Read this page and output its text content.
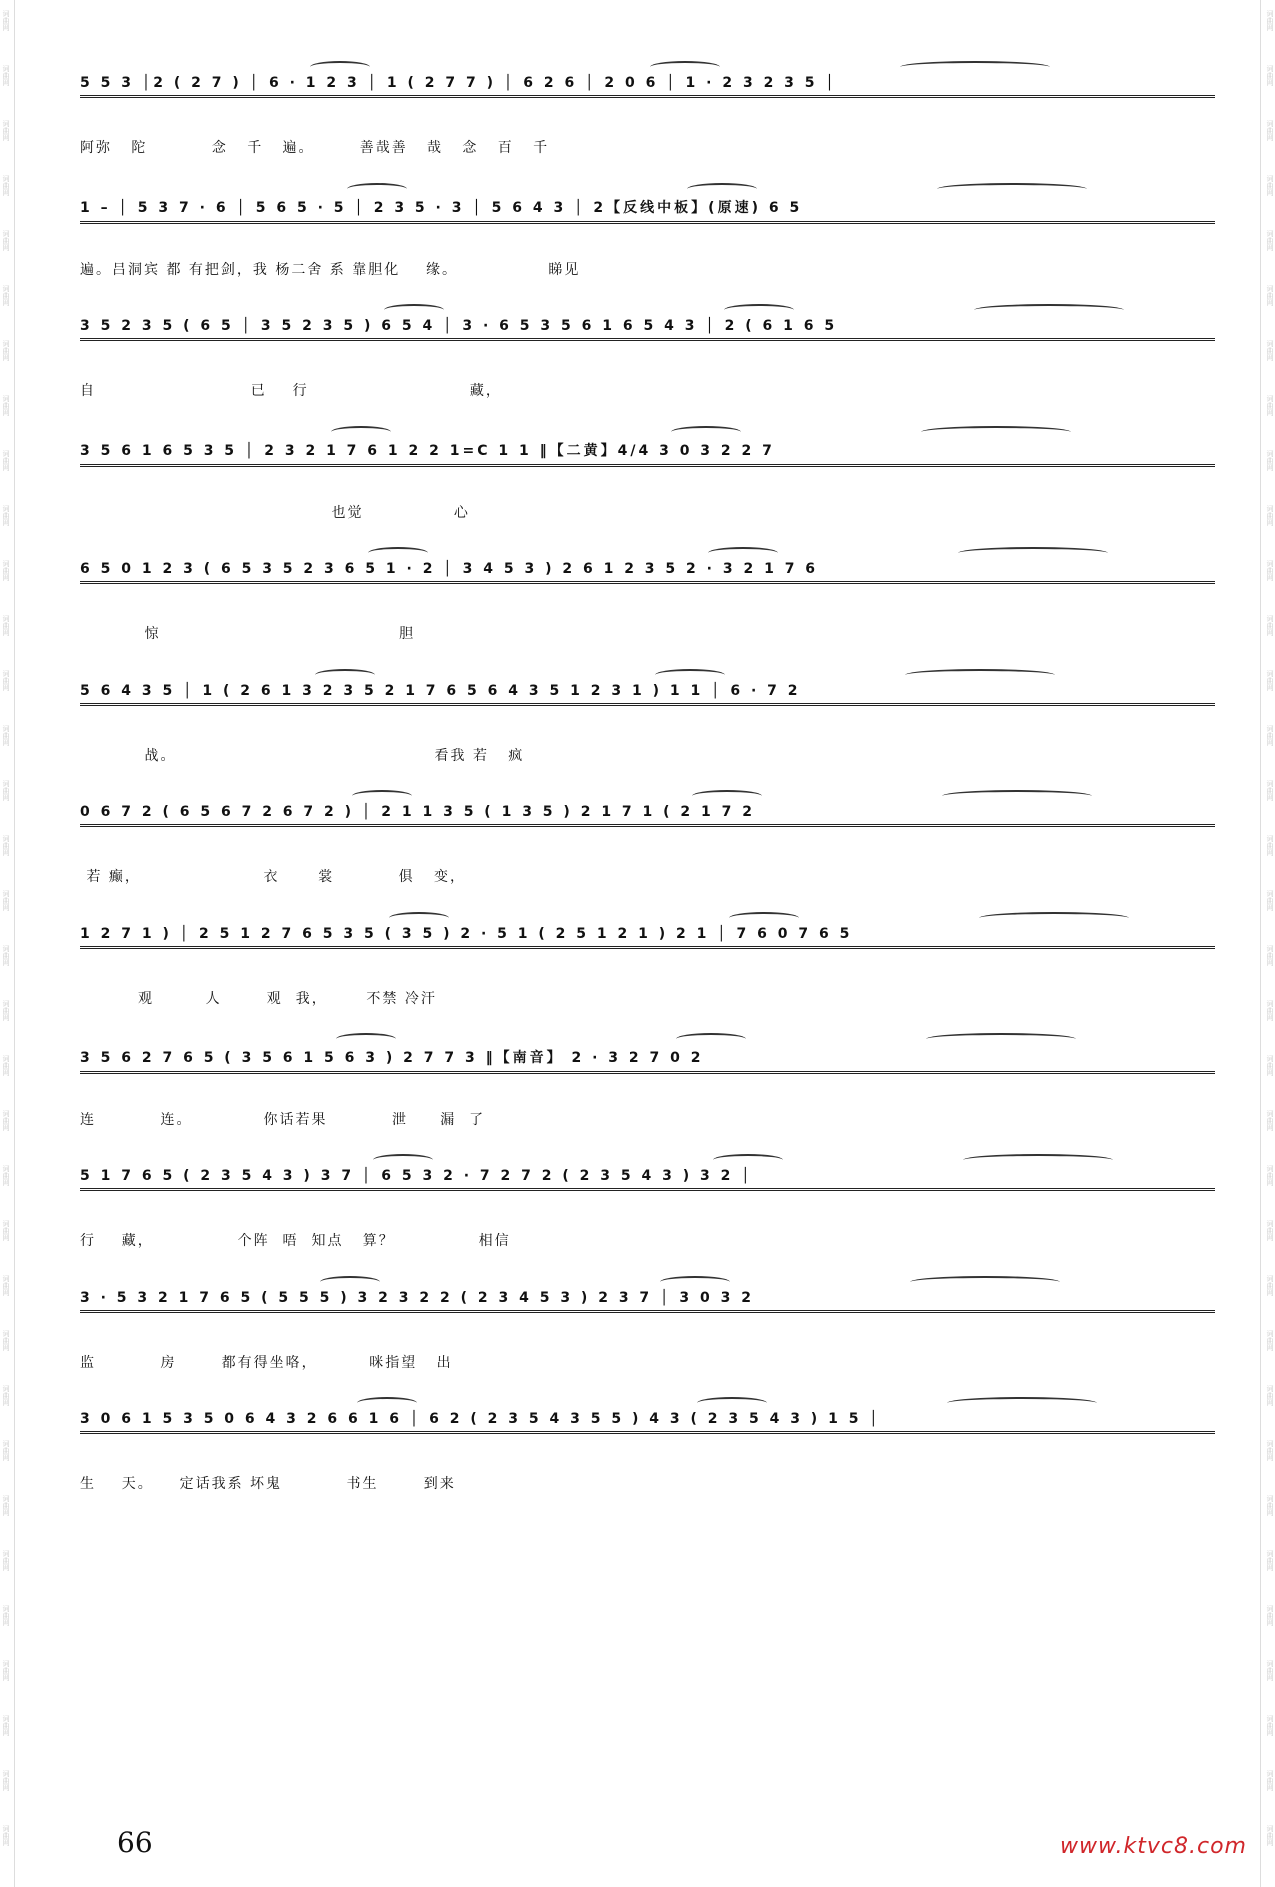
词曲网	词曲网
词曲网	词曲网
词曲网	词曲网
词曲网	词曲网
词曲网	词曲网
词曲网	词曲网
词曲网	词曲网
词曲网	词曲网
词曲网	词曲网
词曲网	词曲网
词曲网	词曲网
词曲网	词曲网
词曲网	词曲网
词曲网	词曲网
词曲网	词曲网
词曲网	词曲网
词曲网	词曲网
词曲网	词曲网
词曲网	词曲网
词曲网	词曲网
词曲网	词曲网
词曲网	词曲网
词曲网	词曲网
词曲网	词曲网
词曲网	词曲网
词曲网	词曲网
词曲网	词曲网
词曲网	词曲网
词曲网	词曲网
词曲网	词曲网
词曲网	词曲网
词曲网	词曲网
词曲网	词曲网
词曲网	词曲网
5 5 3 │2 ( 2 7 ) │ 6 · 1 2 3 │ 1 ( 2 7 7 ) │ 6 2 6 │ 2 0 6 │ 1 · 2 3 2 3 5 │
阿弥   陀          念   千   遍。       善哉善   哉   念   百   千
1 – │ 5 3 7 · 6 │ 5 6 5 · 5 │ 2 3 5 · 3 │ 5 6 4 3 │ 2【反线中板】(原速) 6 5
遍。吕洞宾 都 有把剑，我 杨二舍 系 靠胆化    缘。              睇见
3 5 2 3 5 ( 6 5 │ 3 5 2 3 5 ) 6 5 4 │ 3 · 6 5 3 5 6 1 6 5 4 3 │ 2 ( 6 1 6 5
自                        已    行                         藏，
3 5 6 1 6 5 3 5 │ 2 3 2 1 7 6 1 2 2 1=C 1 1 ‖【二黄】4/4 3 0 3 2 2 7
也觉              心
6 5 0 1 2 3 ( 6 5 3 5 2 3 6 5 1 · 2 │ 3 4 5 3 ) 2 6 1 2 3 5 2 · 3 2 1 7 6
惊                                     胆
5 6 4 3 5 │ 1 ( 2 6 1 3 2 3 5 2 1 7 6 5 6 4 3 5 1 2 3 1 ) 1 1 │ 6 · 7 2
战。                                        看我 若   疯
0 6 7 2 ( 6 5 6 7 2 6 7 2 ) │ 2 1 1 3 5 ( 1 3 5 ) 2 1 7 1 ( 2 1 7 2
若 癫，                   衣      裳          俱   变，
1 2 7 1 ) │ 2 5 1 2 7 6 5 3 5 ( 3 5 ) 2 · 5 1 ( 2 5 1 2 1 ) 2 1 │ 7 6 0 7 6 5
观        人       观  我，      不禁 冷汗
3 5 6 2 7 6 5 ( 3 5 6 1 5 6 3 ) 2 7 7 3 ‖【南音】 2 · 3 2 7 0 2
连          连。           你话若果          泄     漏  了
5 1 7 6 5 ( 2 3 5 4 3 ) 3 7 │ 6 5 3 2 · 7 2 7 2 ( 2 3 5 4 3 ) 3 2 │
行    藏，             个阵  唔  知点   算？             相信
3 · 5 3 2 1 7 6 5 ( 5 5 5 ) 3 2 3 2 2 ( 2 3 4 5 3 ) 2 3 7 │ 3 0 3 2
监          房       都有得坐咯，        咪指望   出
3 0 6 1 5 3 5 0 6 4 3 2 6 6 1 6 │ 6 2 ( 2 3 5 4 3 5 5 ) 4 3 ( 2 3 5 4 3 ) 1 5 │
生    天。    定话我系 坏鬼          书生       到来
66	www.ktvc8.com
